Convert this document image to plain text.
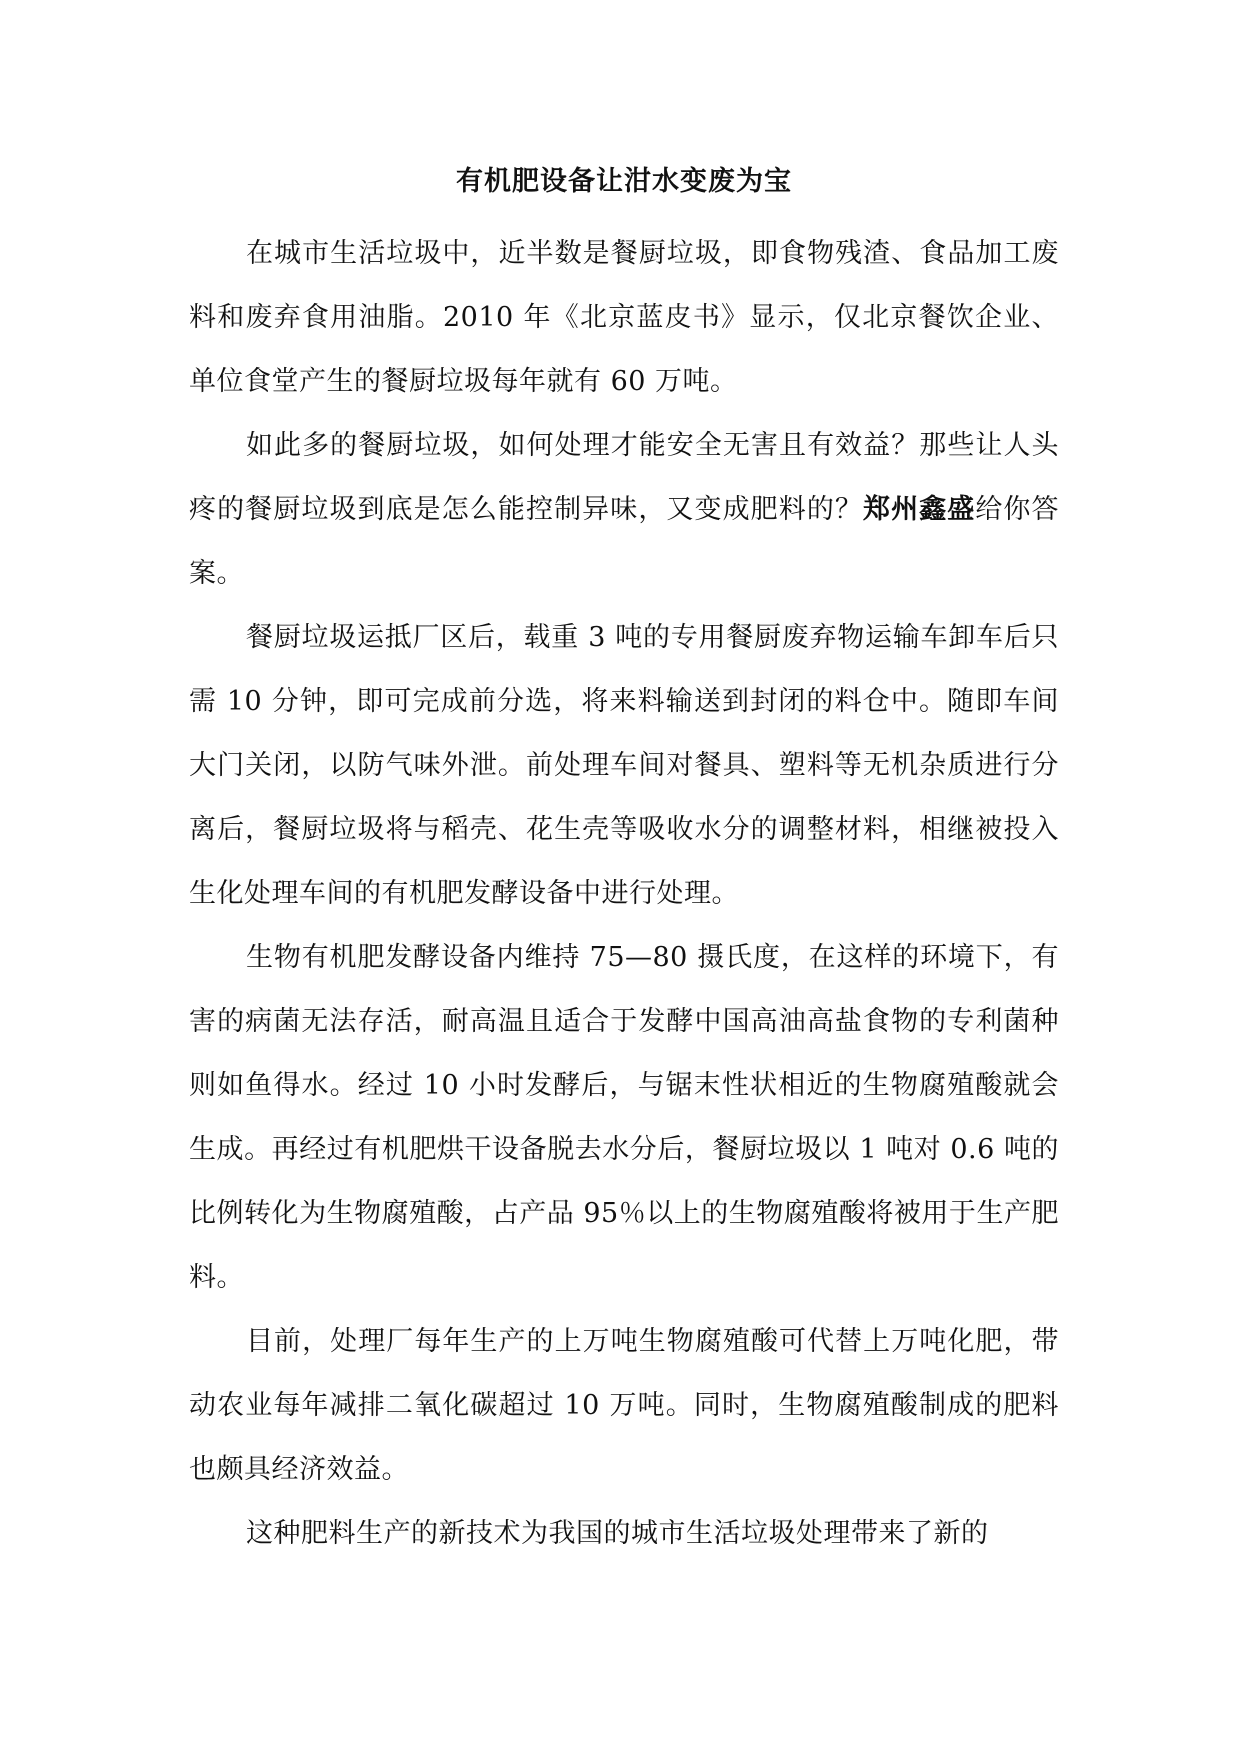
有机肥设备让泔水变废为宝

在城市生活垃圾中，近半数是餐厨垃圾，即食物残渣、食品加工废料和废弃食用油脂。2010 年《北京蓝皮书》显示，仅北京餐饮企业、单位食堂产生的餐厨垃圾每年就有 60 万吨。

如此多的餐厨垃圾，如何处理才能安全无害且有效益？那些让人头疼的餐厨垃圾到底是怎么能控制异味，又变成肥料的？郑州鑫盛给你答案。

餐厨垃圾运抵厂区后，载重 3 吨的专用餐厨废弃物运输车卸车后只需 10 分钟，即可完成前分选，将来料输送到封闭的料仓中。随即车间大门关闭，以防气味外泄。前处理车间对餐具、塑料等无机杂质进行分离后，餐厨垃圾将与稻壳、花生壳等吸收水分的调整材料，相继被投入生化处理车间的有机肥发酵设备中进行处理。

生物有机肥发酵设备内维持 75—80 摄氏度，在这样的环境下，有害的病菌无法存活，耐高温且适合于发酵中国高油高盐食物的专利菌种则如鱼得水。经过 10 小时发酵后，与锯末性状相近的生物腐殖酸就会生成。再经过有机肥烘干设备脱去水分后，餐厨垃圾以 1 吨对 0.6 吨的比例转化为生物腐殖酸，占产品 95％以上的生物腐殖酸将被用于生产肥料。

目前，处理厂每年生产的上万吨生物腐殖酸可代替上万吨化肥，带动农业每年减排二氧化碳超过 10 万吨。同时，生物腐殖酸制成的肥料也颇具经济效益。

这种肥料生产的新技术为我国的城市生活垃圾处理带来了新的
